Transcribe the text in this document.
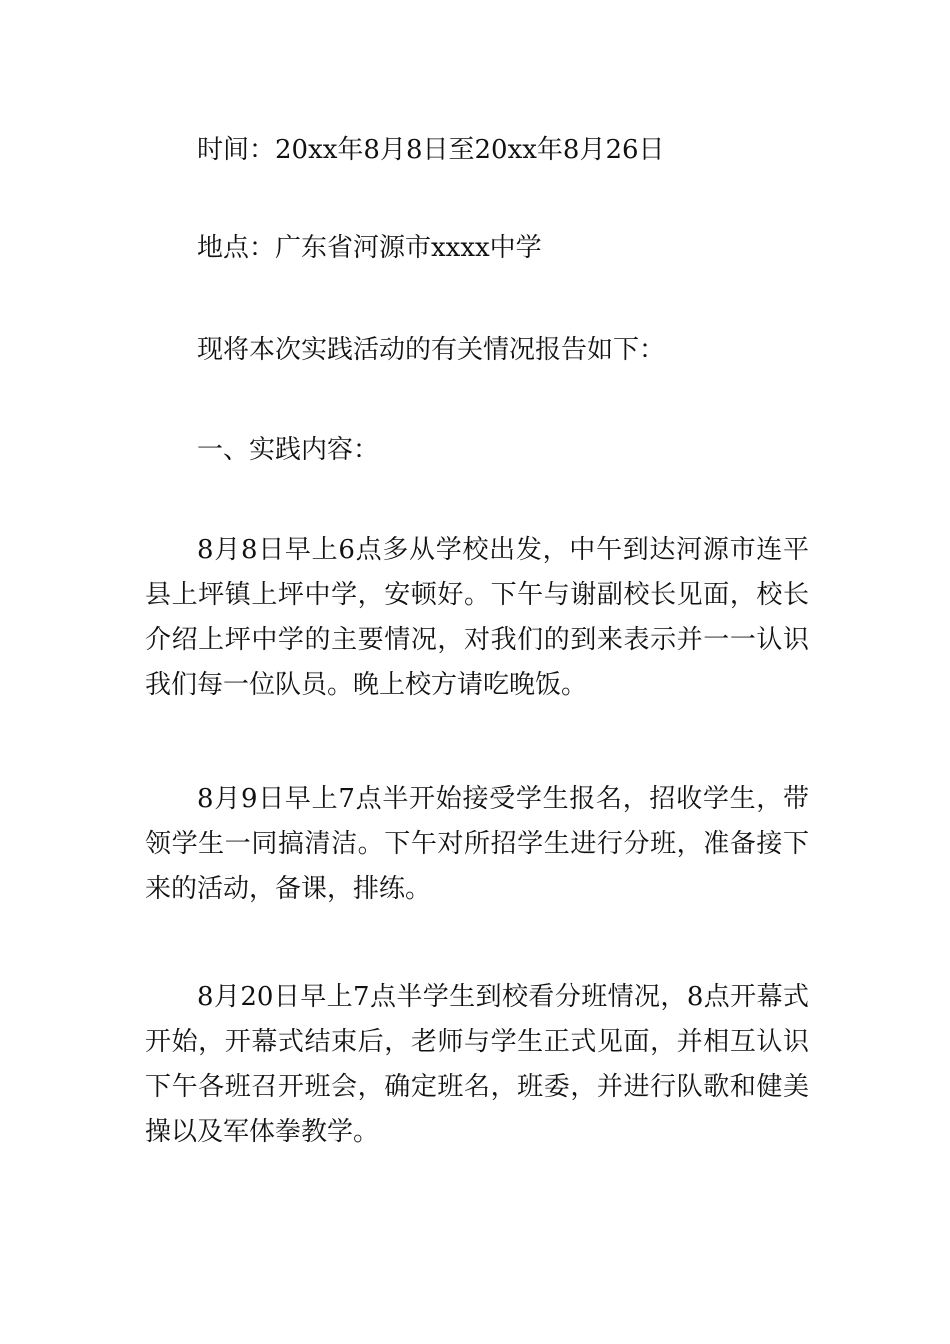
时间：20xx年8月8日至20xx年8月26日
地点：广东省河源市xxxx中学
现将本次实践活动的有关情况报告如下：
一、实践内容：
8月8日早上6点多从学校出发，中午到达河源市连平县上坪镇上坪中学，安顿好。下午与谢副校长见面，校长介绍上坪中学的主要情况，对我们的到来表示并一一认识我们每一位队员。晚上校方请吃晚饭。
8月9日早上7点半开始接受学生报名，招收学生，带领学生一同搞清洁。下午对所招学生进行分班，准备接下来的活动，备课，排练。
8月20日早上7点半学生到校看分班情况，8点开幕式开始，开幕式结束后，老师与学生正式见面，并相互认识下午各班召开班会，确定班名，班委，并进行队歌和健美操以及军体拳教学。
